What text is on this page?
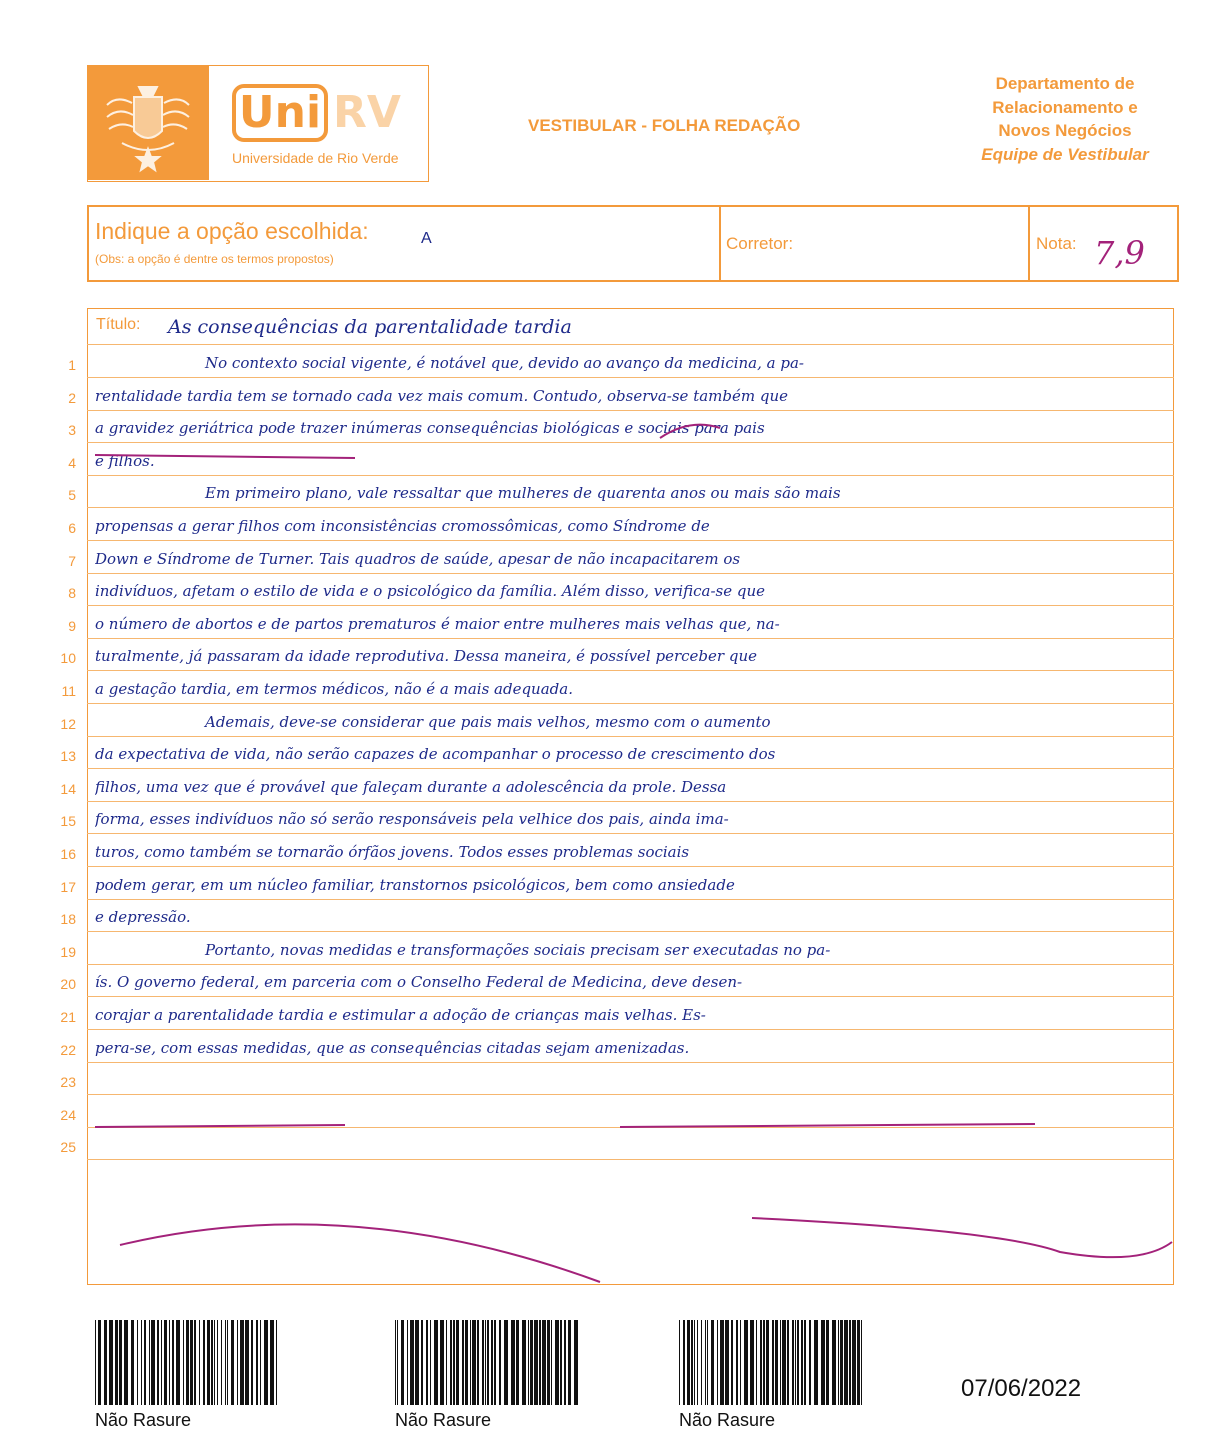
Uni RV
Universidade de Rio Verde
VESTIBULAR - FOLHA REDAÇÃO
Departamento de
Relacionamento e
Novos Negócios
Equipe de Vestibular
Indique a opção escolhida:
(Obs: a opção é dentre os termos propostos)
A	Corretor:	Nota: 7,9
1
2
3
4
5
6
7
8
9
10
11
12
13
14
15
16
17
18
19
20
21
22
23
24
25
No contexto social vigente, é notável que, devido ao avanço da medicina, a pa-
rentalidade tardia tem se tornado cada vez mais comum. Contudo, observa-se também que
a gravidez geriátrica pode trazer inúmeras consequências biológicas e sociais para pais
e filhos.
Em primeiro plano, vale ressaltar que mulheres de quarenta anos ou mais são mais
propensas a gerar filhos com inconsistências cromossômicas, como Síndrome de
Down e Síndrome de Turner. Tais quadros de saúde, apesar de não incapacitarem os
indivíduos, afetam o estilo de vida e o psicológico da família. Além disso, verifica-se que
o número de abortos e de partos prematuros é maior entre mulheres mais velhas que, na-
turalmente, já passaram da idade reprodutiva. Dessa maneira, é possível perceber que
a gestação tardia, em termos médicos, não é a mais adequada.
Ademais, deve-se considerar que pais mais velhos, mesmo com o aumento
da expectativa de vida, não serão capazes de acompanhar o processo de crescimento dos
filhos, uma vez que é provável que faleçam durante a adolescência da prole. Dessa
forma, esses indivíduos não só serão responsáveis pela velhice dos pais, ainda ima-
turos, como também se tornarão órfãos jovens. Todos esses problemas sociais
podem gerar, em um núcleo familiar, transtornos psicológicos, bem como ansiedade
e depressão.
Portanto, novas medidas e transformações sociais precisam ser executadas no pa-
ís. O governo federal, em parceria com o Conselho Federal de Medicina, deve desen-
corajar a parentalidade tardia e estimular a adoção de crianças mais velhas. Es-
pera-se, com essas medidas, que as consequências citadas sejam amenizadas.
Título: As consequências da parentalidade tardia
Não Rasure	Não Rasure	Não Rasure
07/06/2022
